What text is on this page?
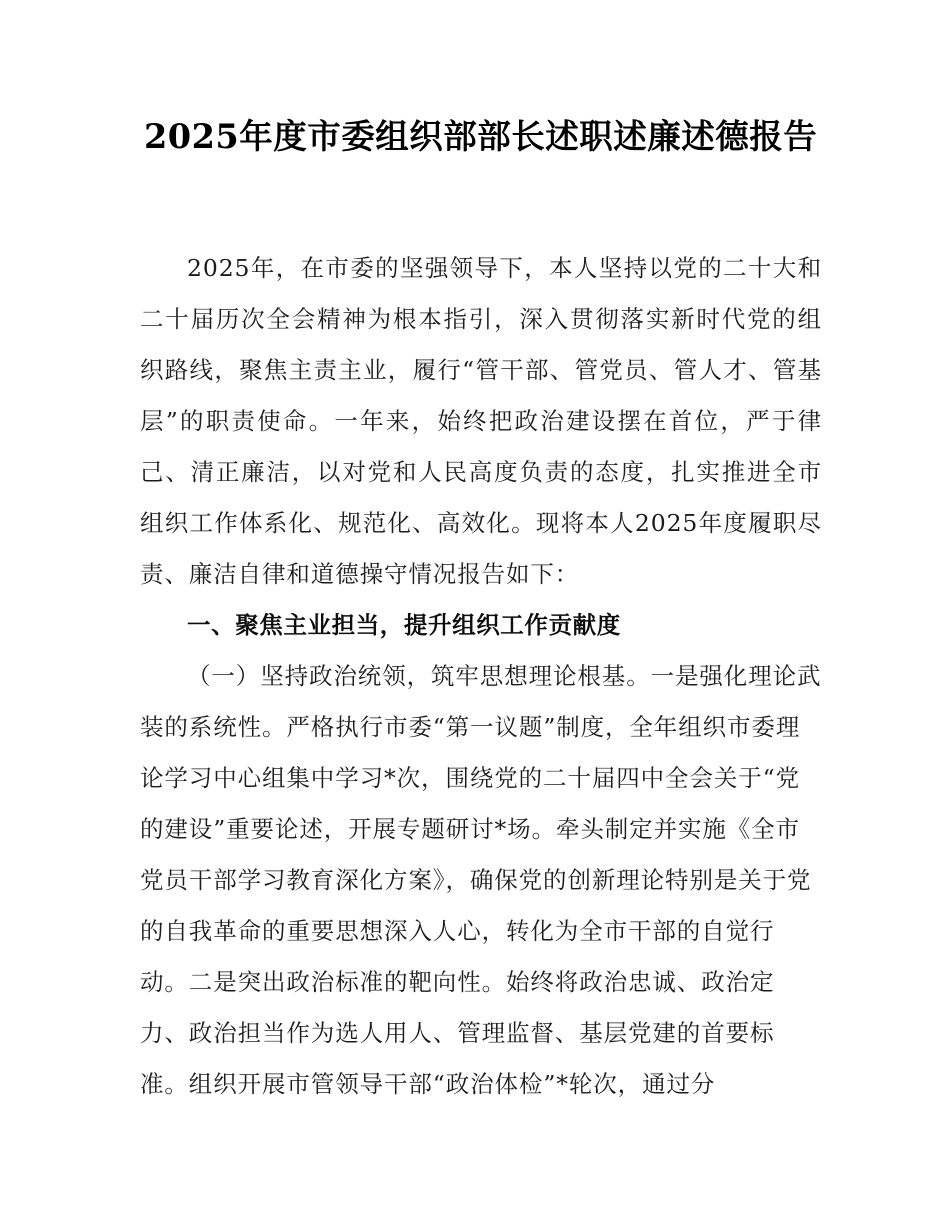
2025年度市委组织部部长述职述廉述德报告

2025年，在市委的坚强领导下，本人坚持以党的二十大和二十届历次全会精神为根本指引，深入贯彻落实新时代党的组织路线，聚焦主责主业，履行“管干部、管党员、管人才、管基层”的职责使命。一年来，始终把政治建设摆在首位，严于律己、清正廉洁，以对党和人民高度负责的态度，扎实推进全市组织工作体系化、规范化、高效化。现将本人2025年度履职尽责、廉洁自律和道德操守情况报告如下：

一、聚焦主业担当，提升组织工作贡献度

（一）坚持政治统领，筑牢思想理论根基。一是强化理论武装的系统性。严格执行市委“第一议题”制度，全年组织市委理论学习中心组集中学习*次，围绕党的二十届四中全会关于“党的建设”重要论述，开展专题研讨*场。牵头制定并实施《全市党员干部学习教育深化方案》，确保党的创新理论特别是关于党的自我革命的重要思想深入人心，转化为全市干部的自觉行动。二是突出政治标准的靶向性。始终将政治忠诚、政治定力、政治担当作为选人用人、管理监督、基层党建的首要标准。组织开展市管领导干部“政治体检”*轮次，通过分
